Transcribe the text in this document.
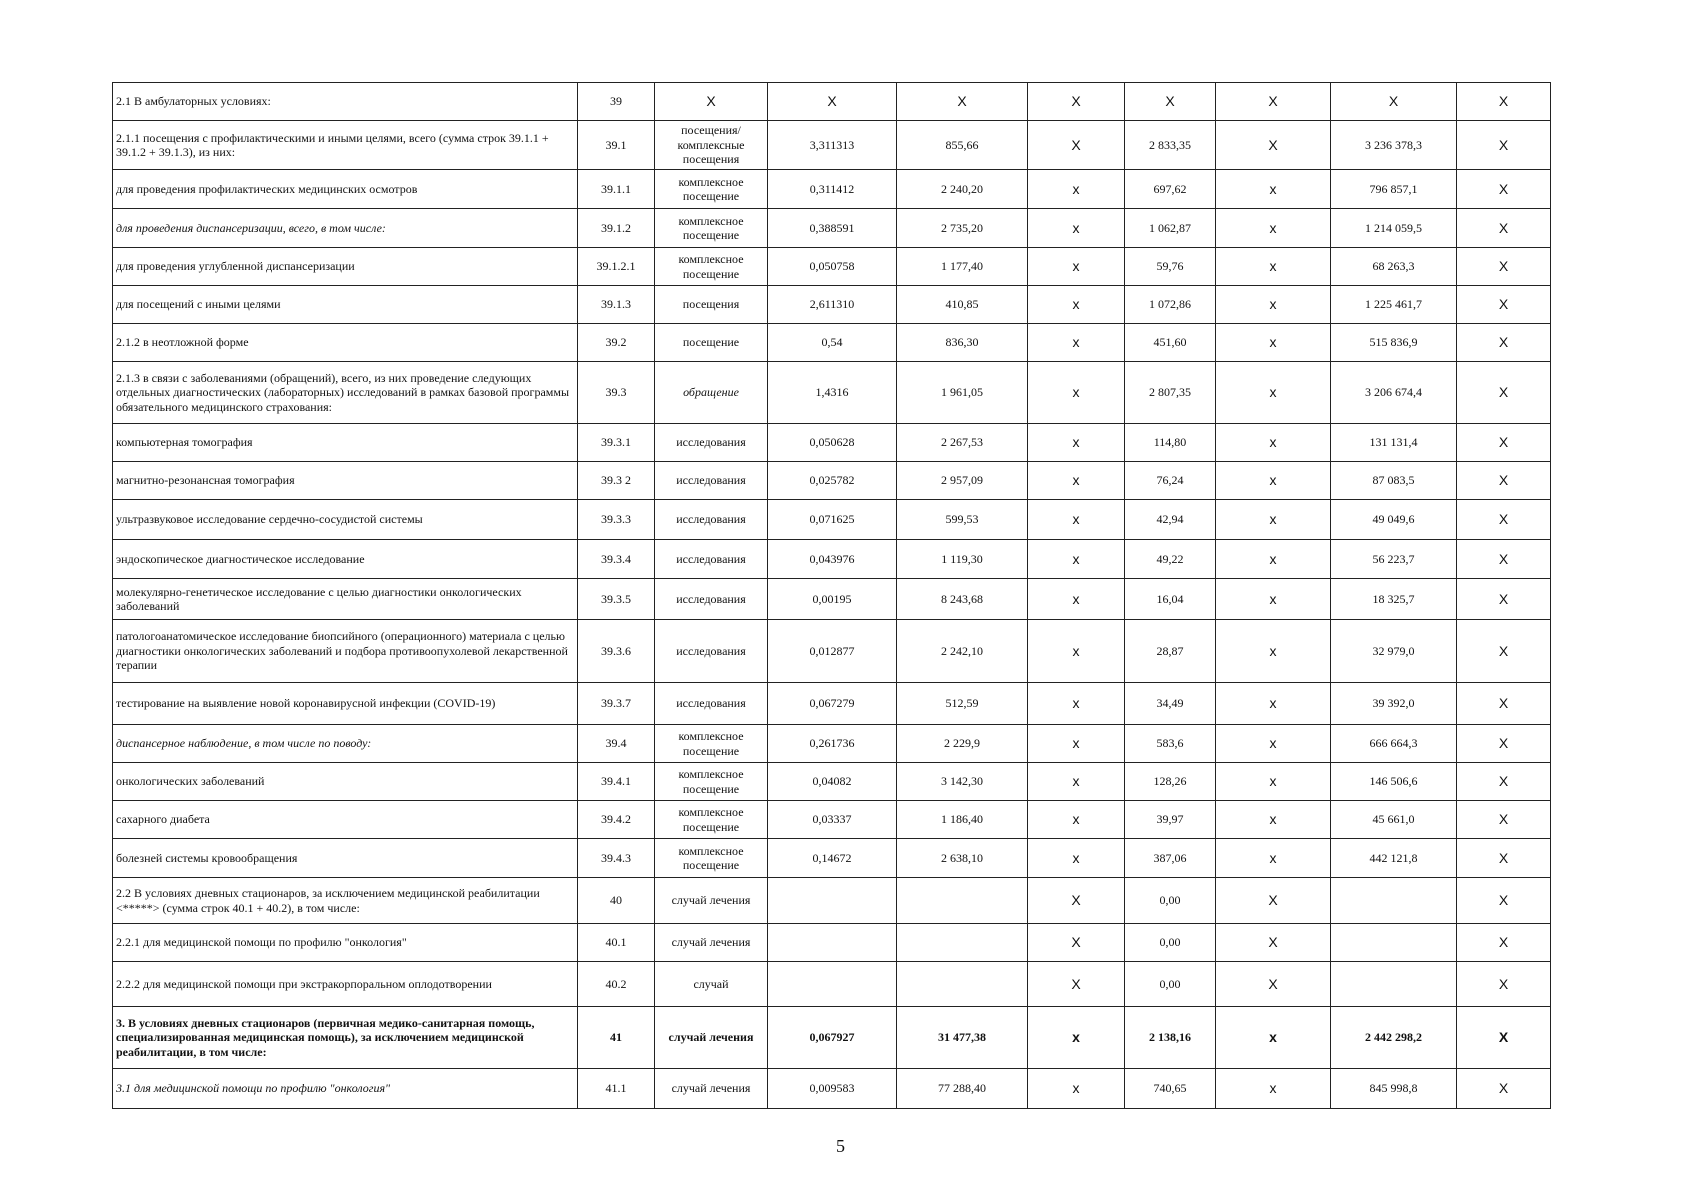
2.1 В амбулаторных условиях:	39	X	X	X	X	X	X	X	X
2.1.1 посещения с профилактическими и иными целями, всего (сумма строк 39.1.1 + 39.1.2 + 39.1.3), из них:	39.1	посещения/комплексные посещения	3,311313	855,66	X	2 833,35	X	3 236 378,3	X
для проведения профилактических медицинских осмотров	39.1.1	комплексное посещение	0,311412	2 240,20	x	697,62	x	796 857,1	X
для проведения диспансеризации, всего, в том числе:	39.1.2	комплексное посещение	0,388591	2 735,20	x	1 062,87	x	1 214 059,5	X
для проведения углубленной диспансеризации	39.1.2.1	комплексное посещение	0,050758	1 177,40	x	59,76	x	68 263,3	X
для посещений с иными целями	39.1.3	посещения	2,611310	410,85	x	1 072,86	x	1 225 461,7	X
2.1.2 в неотложной форме	39.2	посещение	0,54	836,30	x	451,60	x	515 836,9	X
2.1.3 в связи с заболеваниями (обращений), всего, из них проведение следующих отдельных диагностических (лабораторных) исследований в рамках базовой программы обязательного медицинского страхования:	39.3	обращение	1,4316	1 961,05	x	2 807,35	x	3 206 674,4	X
компьютерная томография	39.3.1	исследования	0,050628	2 267,53	x	114,80	x	131 131,4	X
магнитно-резонансная томография	39.3 2	исследования	0,025782	2 957,09	x	76,24	x	87 083,5	X
ультразвуковое исследование сердечно-сосудистой системы	39.3.3	исследования	0,071625	599,53	x	42,94	x	49 049,6	X
эндоскопическое диагностическое исследование	39.3.4	исследования	0,043976	1 119,30	x	49,22	x	56 223,7	X
молекулярно-генетическое исследование с целью диагностики онкологических заболеваний	39.3.5	исследования	0,00195	8 243,68	x	16,04	x	18 325,7	X
патологоанатомическое исследование биопсийного (операционного) материала с целью диагностики онкологических заболеваний и подбора противоопухолевой лекарственной терапии	39.3.6	исследования	0,012877	2 242,10	x	28,87	x	32 979,0	X
тестирование на выявление новой коронавирусной инфекции (COVID-19)	39.3.7	исследования	0,067279	512,59	x	34,49	x	39 392,0	X
диспансерное наблюдение, в том числе по поводу:	39.4	комплексное посещение	0,261736	2 229,9	x	583,6	x	666 664,3	X
онкологических заболеваний	39.4.1	комплексное посещение	0,04082	3 142,30	x	128,26	x	146 506,6	X
сахарного диабета	39.4.2	комплексное посещение	0,03337	1 186,40	x	39,97	x	45 661,0	X
болезней системы кровообращения	39.4.3	комплексное посещение	0,14672	2 638,10	x	387,06	x	442 121,8	X
2.2 В условиях дневных стационаров, за исключением медицинской реабилитации <*****> (сумма строк 40.1 + 40.2), в том числе:	40	случай лечения			X	0,00	X		X
2.2.1 для медицинской помощи по профилю "онкология"	40.1	случай лечения			X	0,00	X		X
2.2.2 для медицинской помощи при экстракорпоральном оплодотворении	40.2	случай			X	0,00	X		X
3. В условиях дневных стационаров (первичная медико-санитарная помощь, специализированная медицинская помощь), за исключением медицинской реабилитации, в том числе:	41	случай лечения	0,067927	31 477,38	x	2 138,16	x	2 442 298,2	X
3.1 для медицинской помощи по профилю "онкология"	41.1	случай лечения	0,009583	77 288,40	x	740,65	x	845 998,8	X
5
